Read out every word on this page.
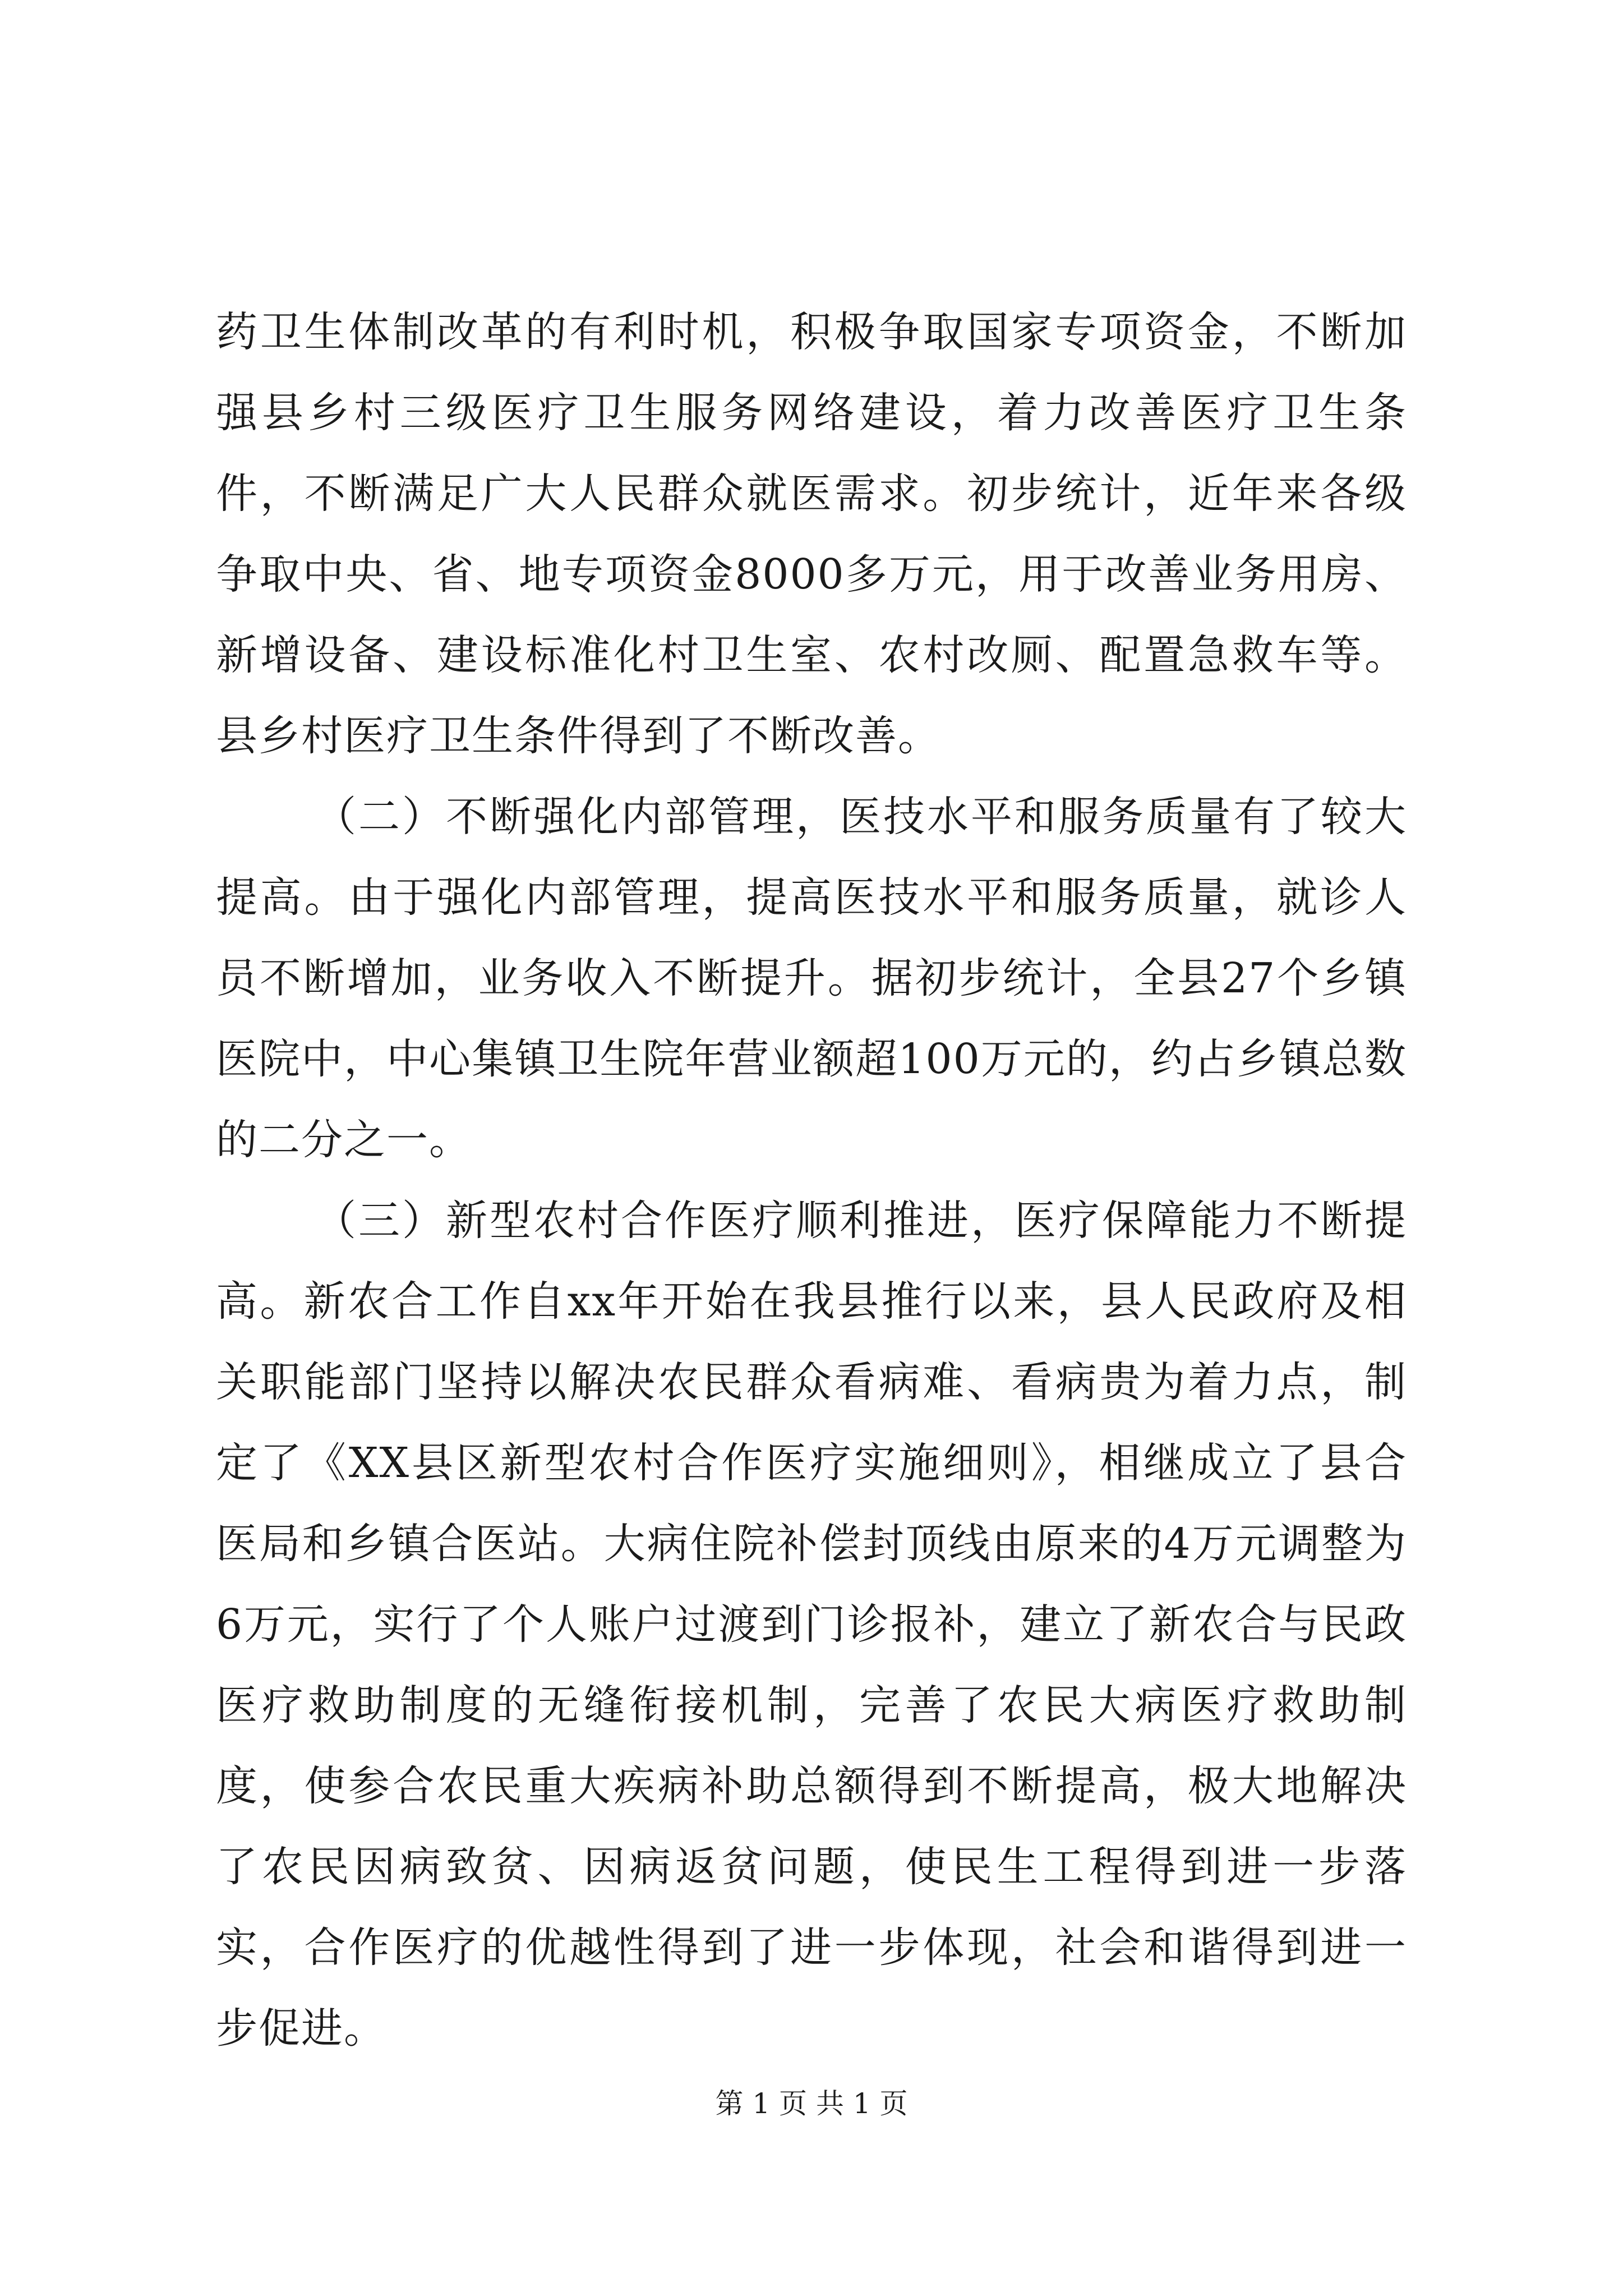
药卫生体制改革的有利时机，积极争取国家专项资金，不断加强县乡村三级医疗卫生服务网络建设，着力改善医疗卫生条件，不断满足广大人民群众就医需求。初步统计，近年来各级争取中央、省、地专项资金8000多万元，用于改善业务用房、新增设备、建设标准化村卫生室、农村改厕、配置急救车等。县乡村医疗卫生条件得到了不断改善。

（二）不断强化内部管理，医技水平和服务质量有了较大提高。由于强化内部管理，提高医技水平和服务质量，就诊人员不断增加，业务收入不断提升。据初步统计，全县27个乡镇医院中，中心集镇卫生院年营业额超100万元的，约占乡镇总数的二分之一。

（三）新型农村合作医疗顺利推进，医疗保障能力不断提高。新农合工作自xx年开始在我县推行以来，县人民政府及相关职能部门坚持以解决农民群众看病难、看病贵为着力点，制定了《XX县区新型农村合作医疗实施细则》，相继成立了县合医局和乡镇合医站。大病住院补偿封顶线由原来的4万元调整为6万元，实行了个人账户过渡到门诊报补，建立了新农合与民政医疗救助制度的无缝衔接机制，完善了农民大病医疗救助制度，使参合农民重大疾病补助总额得到不断提高，极大地解决了农民因病致贫、因病返贫问题，使民生工程得到进一步落实，合作医疗的优越性得到了进一步体现，社会和谐得到进一步促进。

第 1 页 共 1 页
